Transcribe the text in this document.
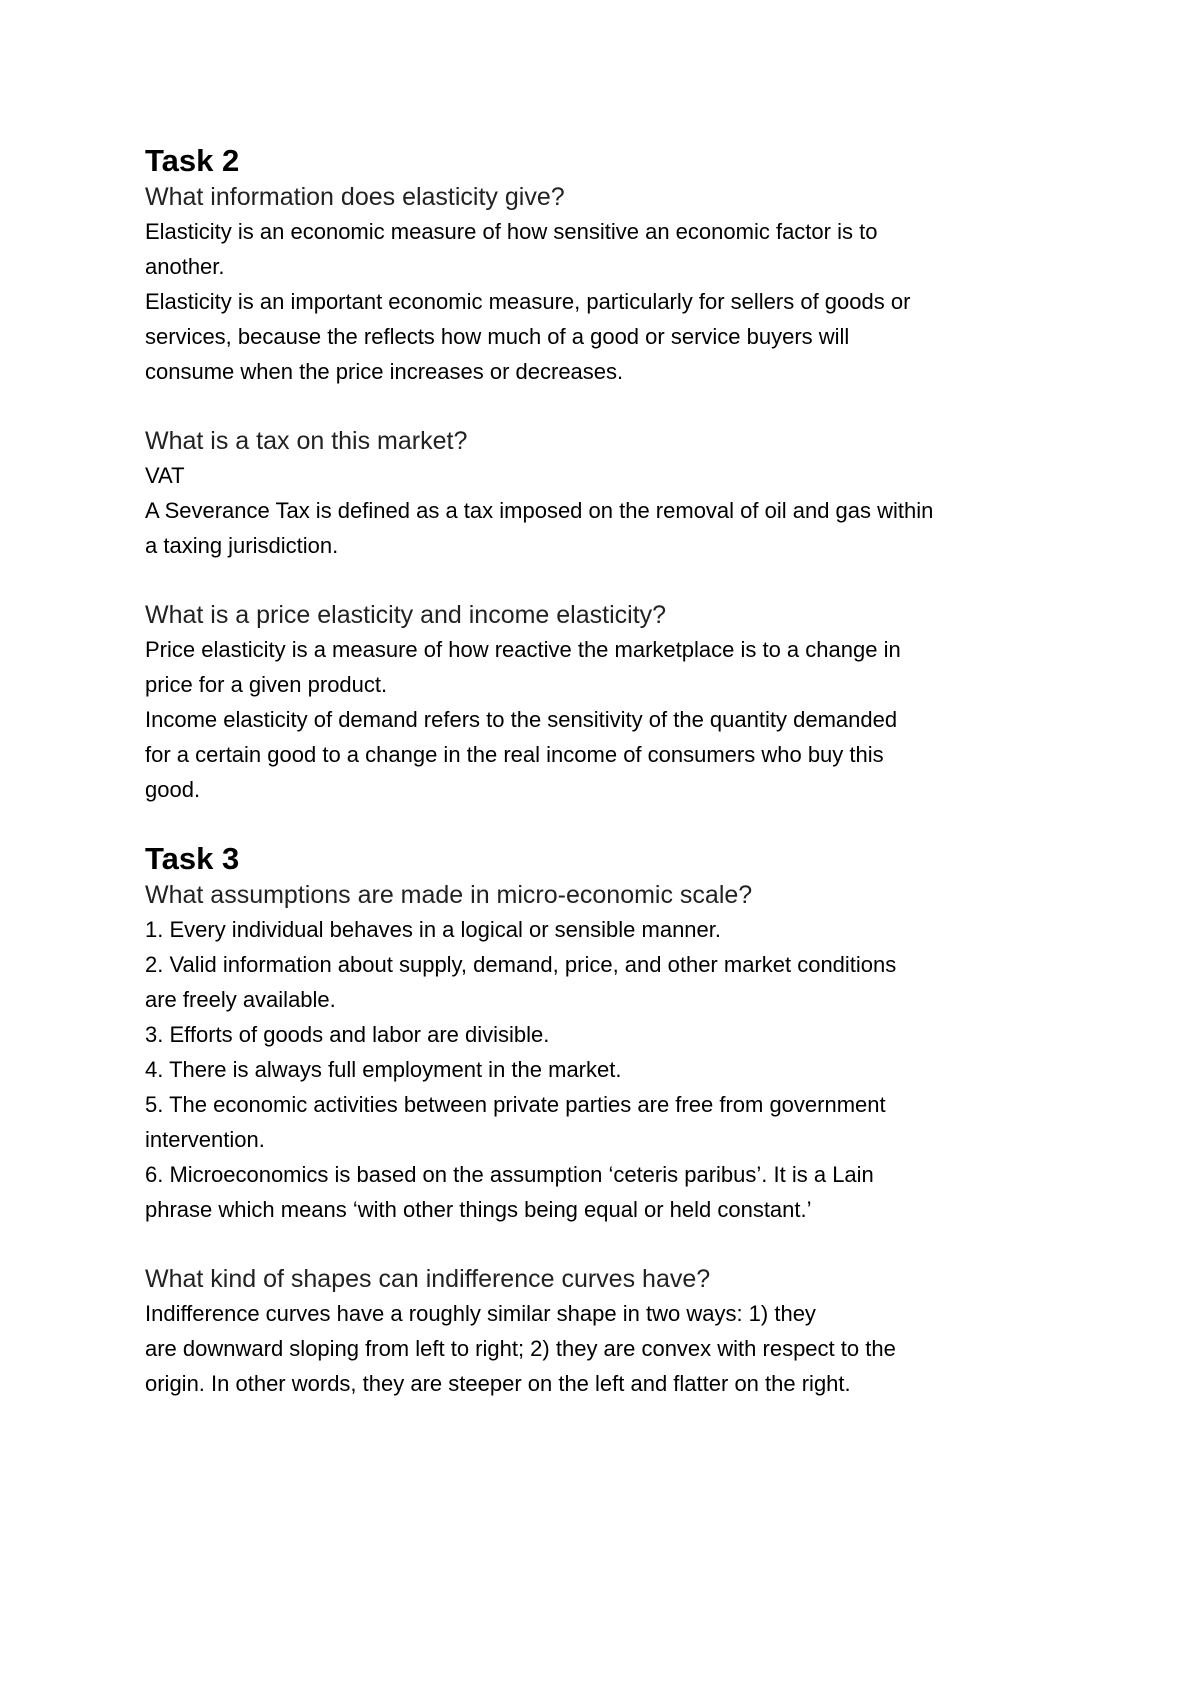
Task 2

What information does elasticity give?

Elasticity is an economic measure of how sensitive an economic factor is to

another.

Elasticity is an important economic measure, particularly for sellers of goods or

services, because the reflects how much of a good or service buyers will

consume when the price increases or decreases.

What is a tax on this market?

VAT

A Severance Tax is defined as a tax imposed on the removal of oil and gas within

a taxing jurisdiction.

What is a price elasticity and income elasticity?

Price elasticity is a measure of how reactive the marketplace is to a change in

price for a given product.

Income elasticity of demand refers to the sensitivity of the quantity demanded

for a certain good to a change in the real income of consumers who buy this

good.

Task 3

What assumptions are made in micro-economic scale?

1. Every individual behaves in a logical or sensible manner.

2. Valid information about supply, demand, price, and other market conditions

are freely available.

3. Efforts of goods and labor are divisible.

4. There is always full employment in the market.

5. The economic activities between private parties are free from government

intervention.

6. Microeconomics is based on the assumption ‘ceteris paribus’. It is a Lain

phrase which means ‘with other things being equal or held constant.’

What kind of shapes can indifference curves have?

Indifference curves have a roughly similar shape in two ways: 1) they

are downward sloping from left to right; 2) they are convex with respect to the

origin. In other words, they are steeper on the left and flatter on the right.
